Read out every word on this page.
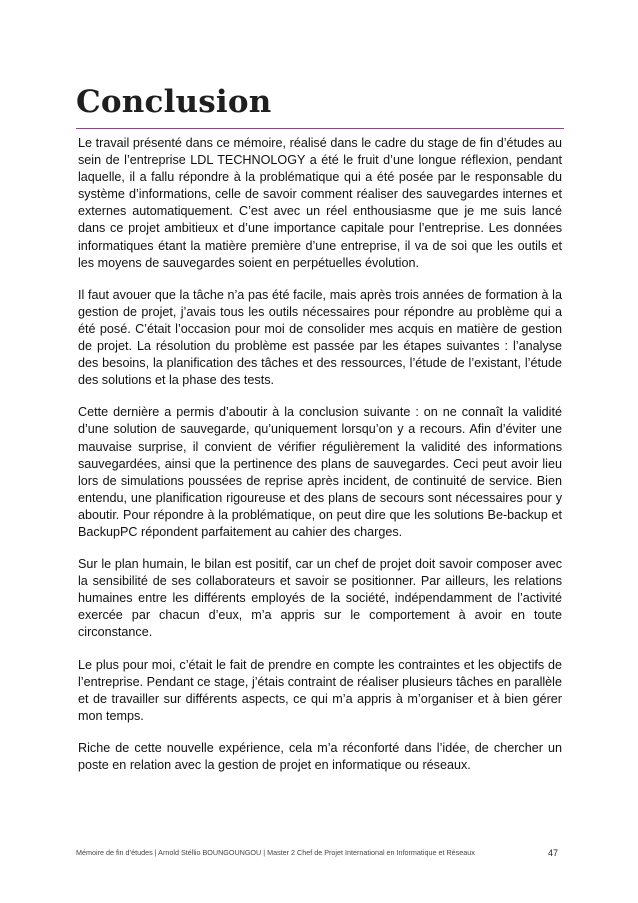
Conclusion

Le travail présenté dans ce mémoire, réalisé dans le cadre du stage de fin d’études au sein de l’entreprise LDL TECHNOLOGY a été le fruit d’une longue réflexion, pendant laquelle, il a fallu répondre à la problématique qui a été posée par le responsable du système d’informations, celle de savoir comment réaliser des sauvegardes internes et externes automatiquement. C’est avec un réel enthousiasme que je me suis lancé dans ce projet ambitieux et d’une importance capitale pour l’entreprise. Les données informatiques étant la matière première d’une entreprise, il va de soi que les outils et les moyens de sauvegardes soient en perpétuelles évolution.

Il faut avouer que la tâche n’a pas été facile, mais après trois années de formation à la gestion de projet, j’avais tous les outils nécessaires pour répondre au problème qui a été posé. C’était l’occasion pour moi de consolider mes acquis en matière de gestion de projet. La résolution du problème est passée par les étapes suivantes : l’analyse des besoins, la planification des tâches et des ressources, l’étude de l’existant, l’étude des solutions et la phase des tests.

Cette dernière a permis d’aboutir à la conclusion suivante : on ne connaît la validité d’une solution de sauvegarde, qu’uniquement lorsqu’on y a recours. Afin d’éviter une mauvaise surprise, il convient de vérifier régulièrement la validité des informations sauvegardées, ainsi que la pertinence des plans de sauvegardes. Ceci peut avoir lieu lors de simulations poussées de reprise après incident, de continuité de service. Bien entendu, une planification rigoureuse et des plans de secours sont nécessaires pour y aboutir. Pour répondre à la problématique, on peut dire que les solutions Be-backup et BackupPC répondent parfaitement au cahier des charges.

Sur le plan humain, le bilan est positif, car un chef de projet doit savoir composer avec la sensibilité de ses collaborateurs et savoir se positionner. Par ailleurs, les relations humaines entre les différents employés de la société, indépendamment de l’activité exercée par chacun d’eux, m’a appris sur le comportement à avoir en toute circonstance.

Le plus pour moi, c’était le fait de prendre en compte les contraintes et les objectifs de l’entreprise. Pendant ce stage, j’étais contraint de réaliser plusieurs tâches en parallèle et de travailler sur différents aspects, ce qui m’a appris à m’organiser et à bien gérer mon temps.

Riche de cette nouvelle expérience, cela m’a réconforté dans l’idée, de chercher un poste en relation avec la gestion de projet en informatique ou réseaux.

Mémoire de fin d’études | Arnold Stéllio BOUNGOUNGOU | Master 2 Chef de Projet International en Informatique et Réseaux	47
